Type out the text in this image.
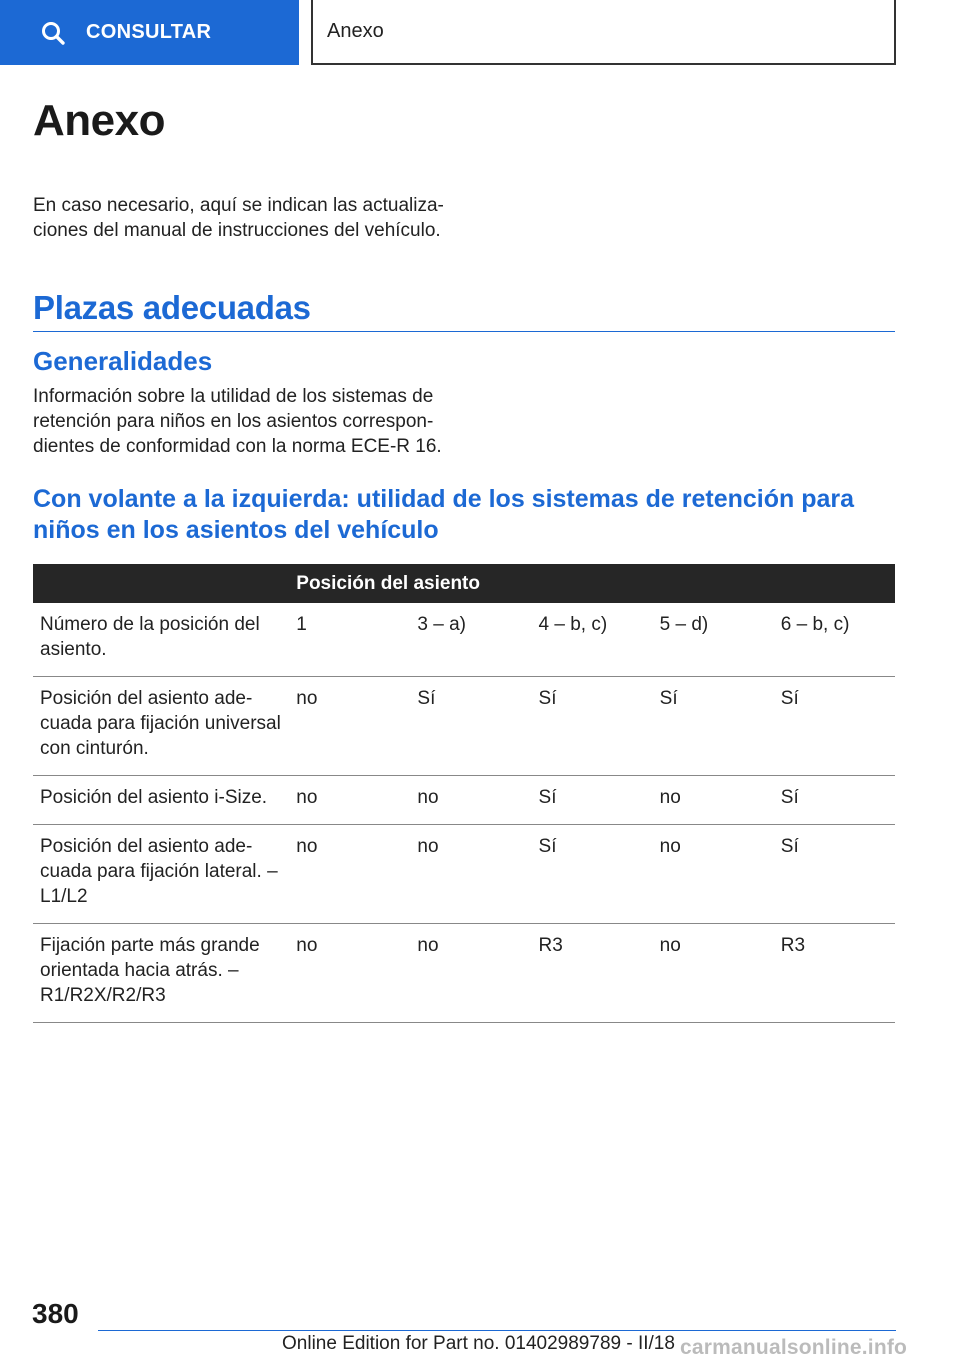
CONSULTAR	Anexo
Anexo

En caso necesario, aquí se indican las actualiza-ciones del manual de instrucciones del vehículo.

Plazas adecuadas
Generalidades

Información sobre la utilidad de los sistemas de retención para niños en los asientos correspon-dientes de conformidad con la norma ECE-R 16.

Con volante a la izquierda: utilidad de los sistemas de retención para niños en los asientos del vehículo
	Posición del asiento				
Número de la posición del asiento.	1	3 – a)	4 – b, c)	5 – d)	6 – b, c)
Posición del asiento ade-cuada para fijación universal con cinturón.	no	Sí	Sí	Sí	Sí
Posición del asiento i-Size.	no	no	Sí	no	Sí
Posición del asiento ade-cuada para fijación lateral. – L1/L2	no	no	Sí	no	Sí
Fijación parte más grande orientada hacia atrás. – R1/R2X/R2/R3	no	no	R3	no	R3
380
Online Edition for Part no. 01402989789 - II/18 carmanualsonline.info
